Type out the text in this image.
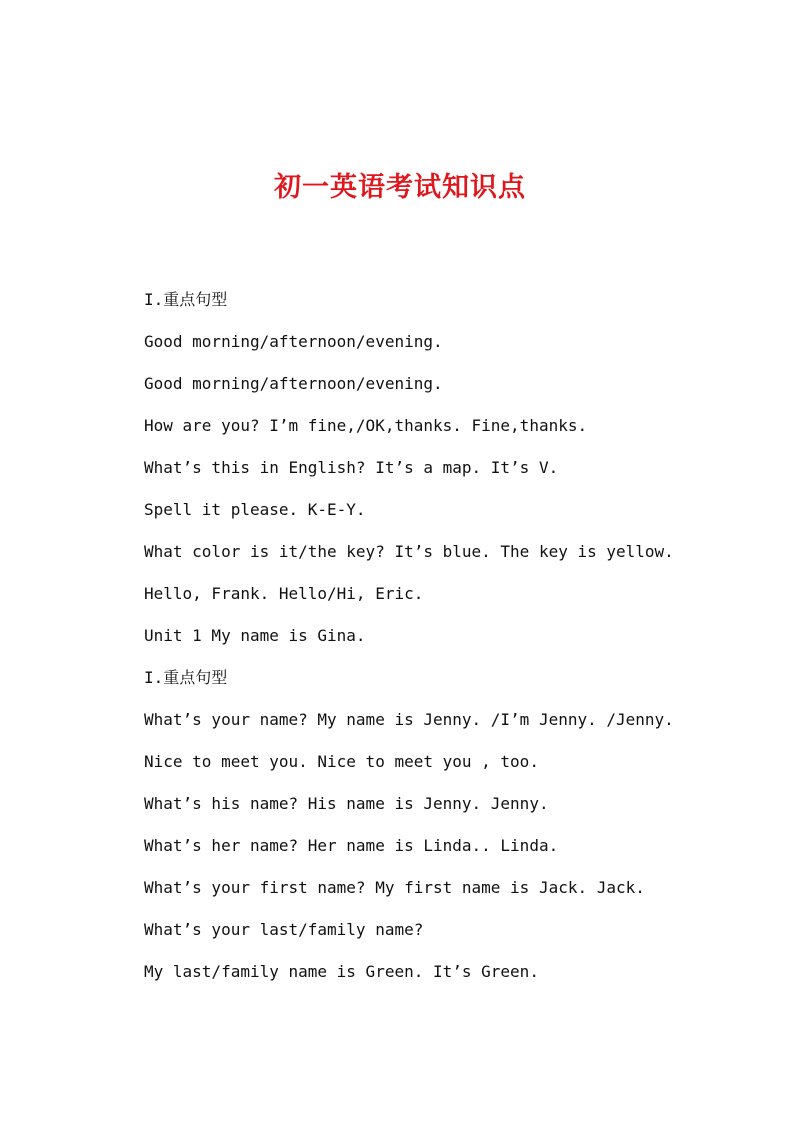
初一英语考试知识点
I.重点句型
Good morning/afternoon/evening.
Good morning/afternoon/evening.
How are you? I’m fine,/OK,thanks. Fine,thanks.
What’s this in English? It’s a map. It’s V.
Spell it please. K-E-Y.
What color is it/the key? It’s blue. The key is yellow.
Hello, Frank. Hello/Hi, Eric.
Unit 1 My name is Gina.
I.重点句型
What’s your name? My name is Jenny. /I’m Jenny. /Jenny.
Nice to meet you. Nice to meet you , too.
What’s his name? His name is Jenny. Jenny.
What’s her name? Her name is Linda.. Linda.
What’s your first name? My first name is Jack. Jack.
What’s your last/family name?
My last/family name is Green. It’s Green.
